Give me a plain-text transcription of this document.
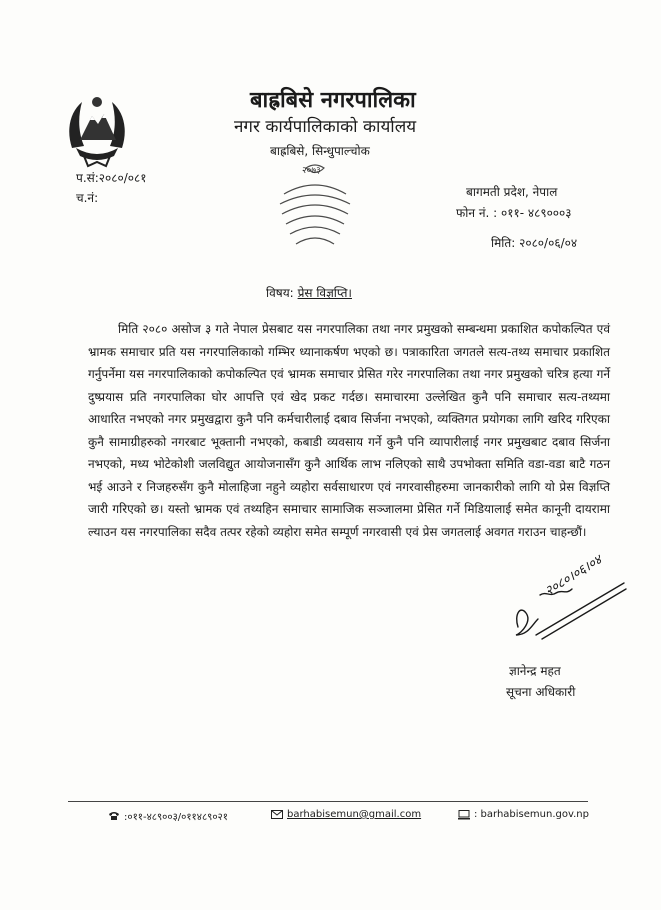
बाह्रबिसे नगरपालिका
नगर कार्यपालिकाको कार्यालय
बाह्रबिसे, सिन्धुपाल्चोक
प.सं:२०८०/०८१
च.नं:	बागमती प्रदेश, नेपाल
फोन नं. : ०११- ४८९०००३
मिति: २०८०/०६/०४
२०७३
विषय: प्रेस विज्ञप्ति।
मिति २०८० असोज ३ गते नेपाल प्रेसबाट यस नगरपालिका तथा नगर प्रमुखको सम्बन्धमा प्रकाशित कपोकल्पित एवं भ्रामक समाचार प्रति यस नगरपालिकाको गम्भिर ध्यानाकर्षण भएको छ। पत्राकारिता जगतले सत्य-तथ्य समाचार प्रकाशित गर्नुपर्नेमा यस नगरपालिकाको कपोकल्पित एवं भ्रामक समाचार प्रेसित गरेर नगरपालिका तथा नगर प्रमुखको चरित्र हत्या गर्ने दुष्प्रयास प्रति नगरपालिका घोर आपत्ति एवं खेद प्रकट गर्दछ। समाचारमा उल्लेखित कुनै पनि समाचार सत्य-तथ्यमा आधारित नभएको नगर प्रमुखद्वारा कुनै पनि कर्मचारीलाई दबाव सिर्जना नभएको, व्यक्तिगत प्रयोगका लागि खरिद गरिएका कुनै सामाग्रीहरुको नगरबाट भूक्तानी नभएको, कबाडी व्यवसाय गर्ने कुनै पनि व्यापारीलाई नगर प्रमुखबाट दबाव सिर्जना नभएको, मध्य भोटेकोशी जलविद्युत आयोजनासँग कुनै आर्थिक लाभ नलिएको साथै उपभोक्ता समिति वडा-वडा बाटै गठन भई आउने र निजहरुसँग कुनै मोलाहिजा नहुने व्यहोरा सर्वसाधारण एवं नगरवासीहरुमा जानकारीको लागि यो प्रेस विज्ञप्ति जारी गरिएको छ। यस्तो भ्रामक एवं तथ्यहिन समाचार सामाजिक सञ्जालमा प्रेसित गर्ने मिडियालाई समेत कानूनी दायरामा ल्याउन यस नगरपालिका सदैव तत्पर रहेको व्यहोरा समेत सम्पूर्ण नगरवासी एवं प्रेस जगतलाई अवगत गराउन चाहन्छौं।
२०८०।०६।०४
ज्ञानेन्द्र महत
सूचना अधिकारी
:०११-४८९००३/०११४८९०२१	barhabisemun@gmail.com	: barhabisemun.gov.np
